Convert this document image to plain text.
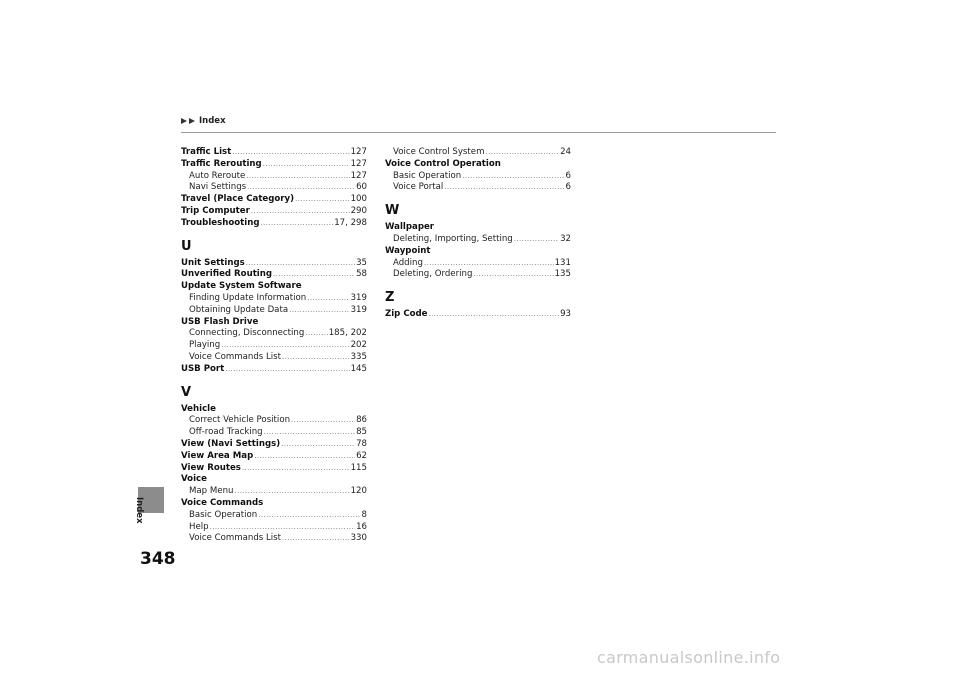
Index
Traffic List .....	127
Traffic Rerouting .....	127
Auto Reroute .....	127
Navi Settings .....	60
Travel (Place Category) .....	100
Trip Computer .....	290
Troubleshooting .....	17, 298
U
Unit Settings .....	35
Unverified Routing .....	58
Update System Software
Finding Update Information .....	319
Obtaining Update Data .....	319
USB Flash Drive
Connecting, Disconnecting .....	185, 202
Playing .....	202
Voice Commands List .....	335
USB Port .....	145
V
Vehicle
Correct Vehicle Position .....	86
Off-road Tracking .....	85
View (Navi Settings) .....	78
View Area Map .....	62
View Routes .....	115
Voice
Map Menu .....	120
Voice Commands
Basic Operation .....	8
Help .....	16
Voice Commands List .....	330
Voice Control System .....	24
Voice Control Operation
Basic Operation .....	6
Voice Portal .....	6
W
Wallpaper
Deleting, Importing, Setting .....	32
Waypoint
Adding .....	131
Deleting, Ordering .....	135
Z
Zip Code .....	93
Index
348
carmanualsonline.info
